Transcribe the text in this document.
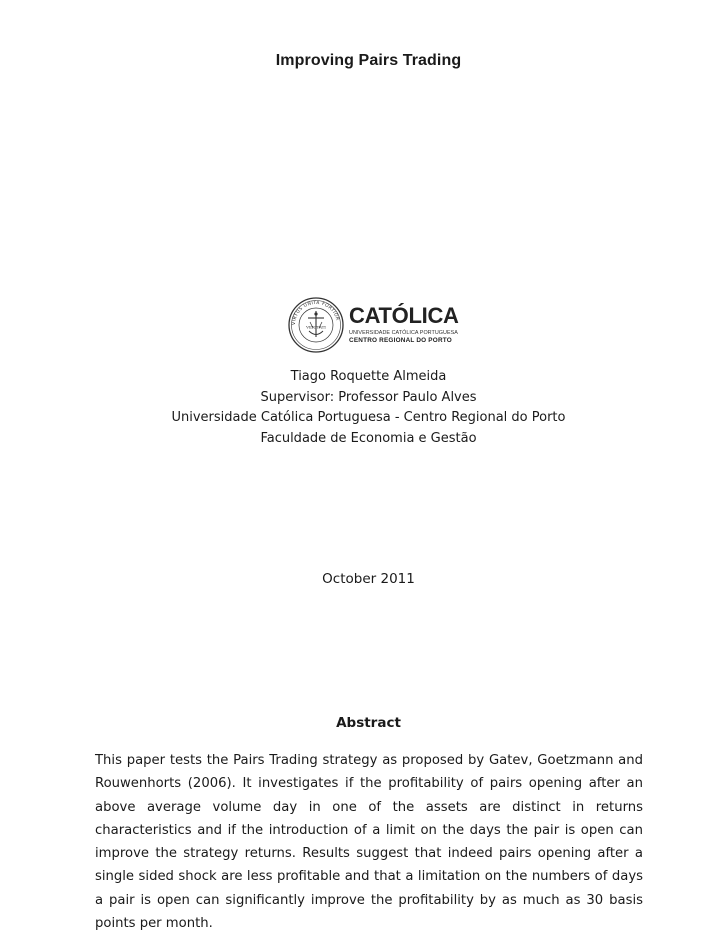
Improving Pairs Trading
VIRTUS UNITA FORTIOR
VERITATI CATÓLICA
UNIVERSIDADE CATÓLICA PORTUGUESA
CENTRO REGIONAL DO PORTO
Tiago Roquette Almeida
Supervisor: Professor Paulo Alves
Universidade Católica Portuguesa - Centro Regional do Porto
Faculdade de Economia e Gestão
October 2011
Abstract
This paper tests the Pairs Trading strategy as proposed by Gatev, Goetzmann and Rouwenhorts (2006). It investigates if the profitability of pairs opening after an above average volume day in one of the assets are distinct in returns characteristics and if the introduction of a limit on the days the pair is open can improve the strategy returns. Results suggest that indeed pairs opening after a single sided shock are less profitable and that a limitation on the numbers of days a pair is open can significantly improve the profitability by as much as 30 basis points per month.
